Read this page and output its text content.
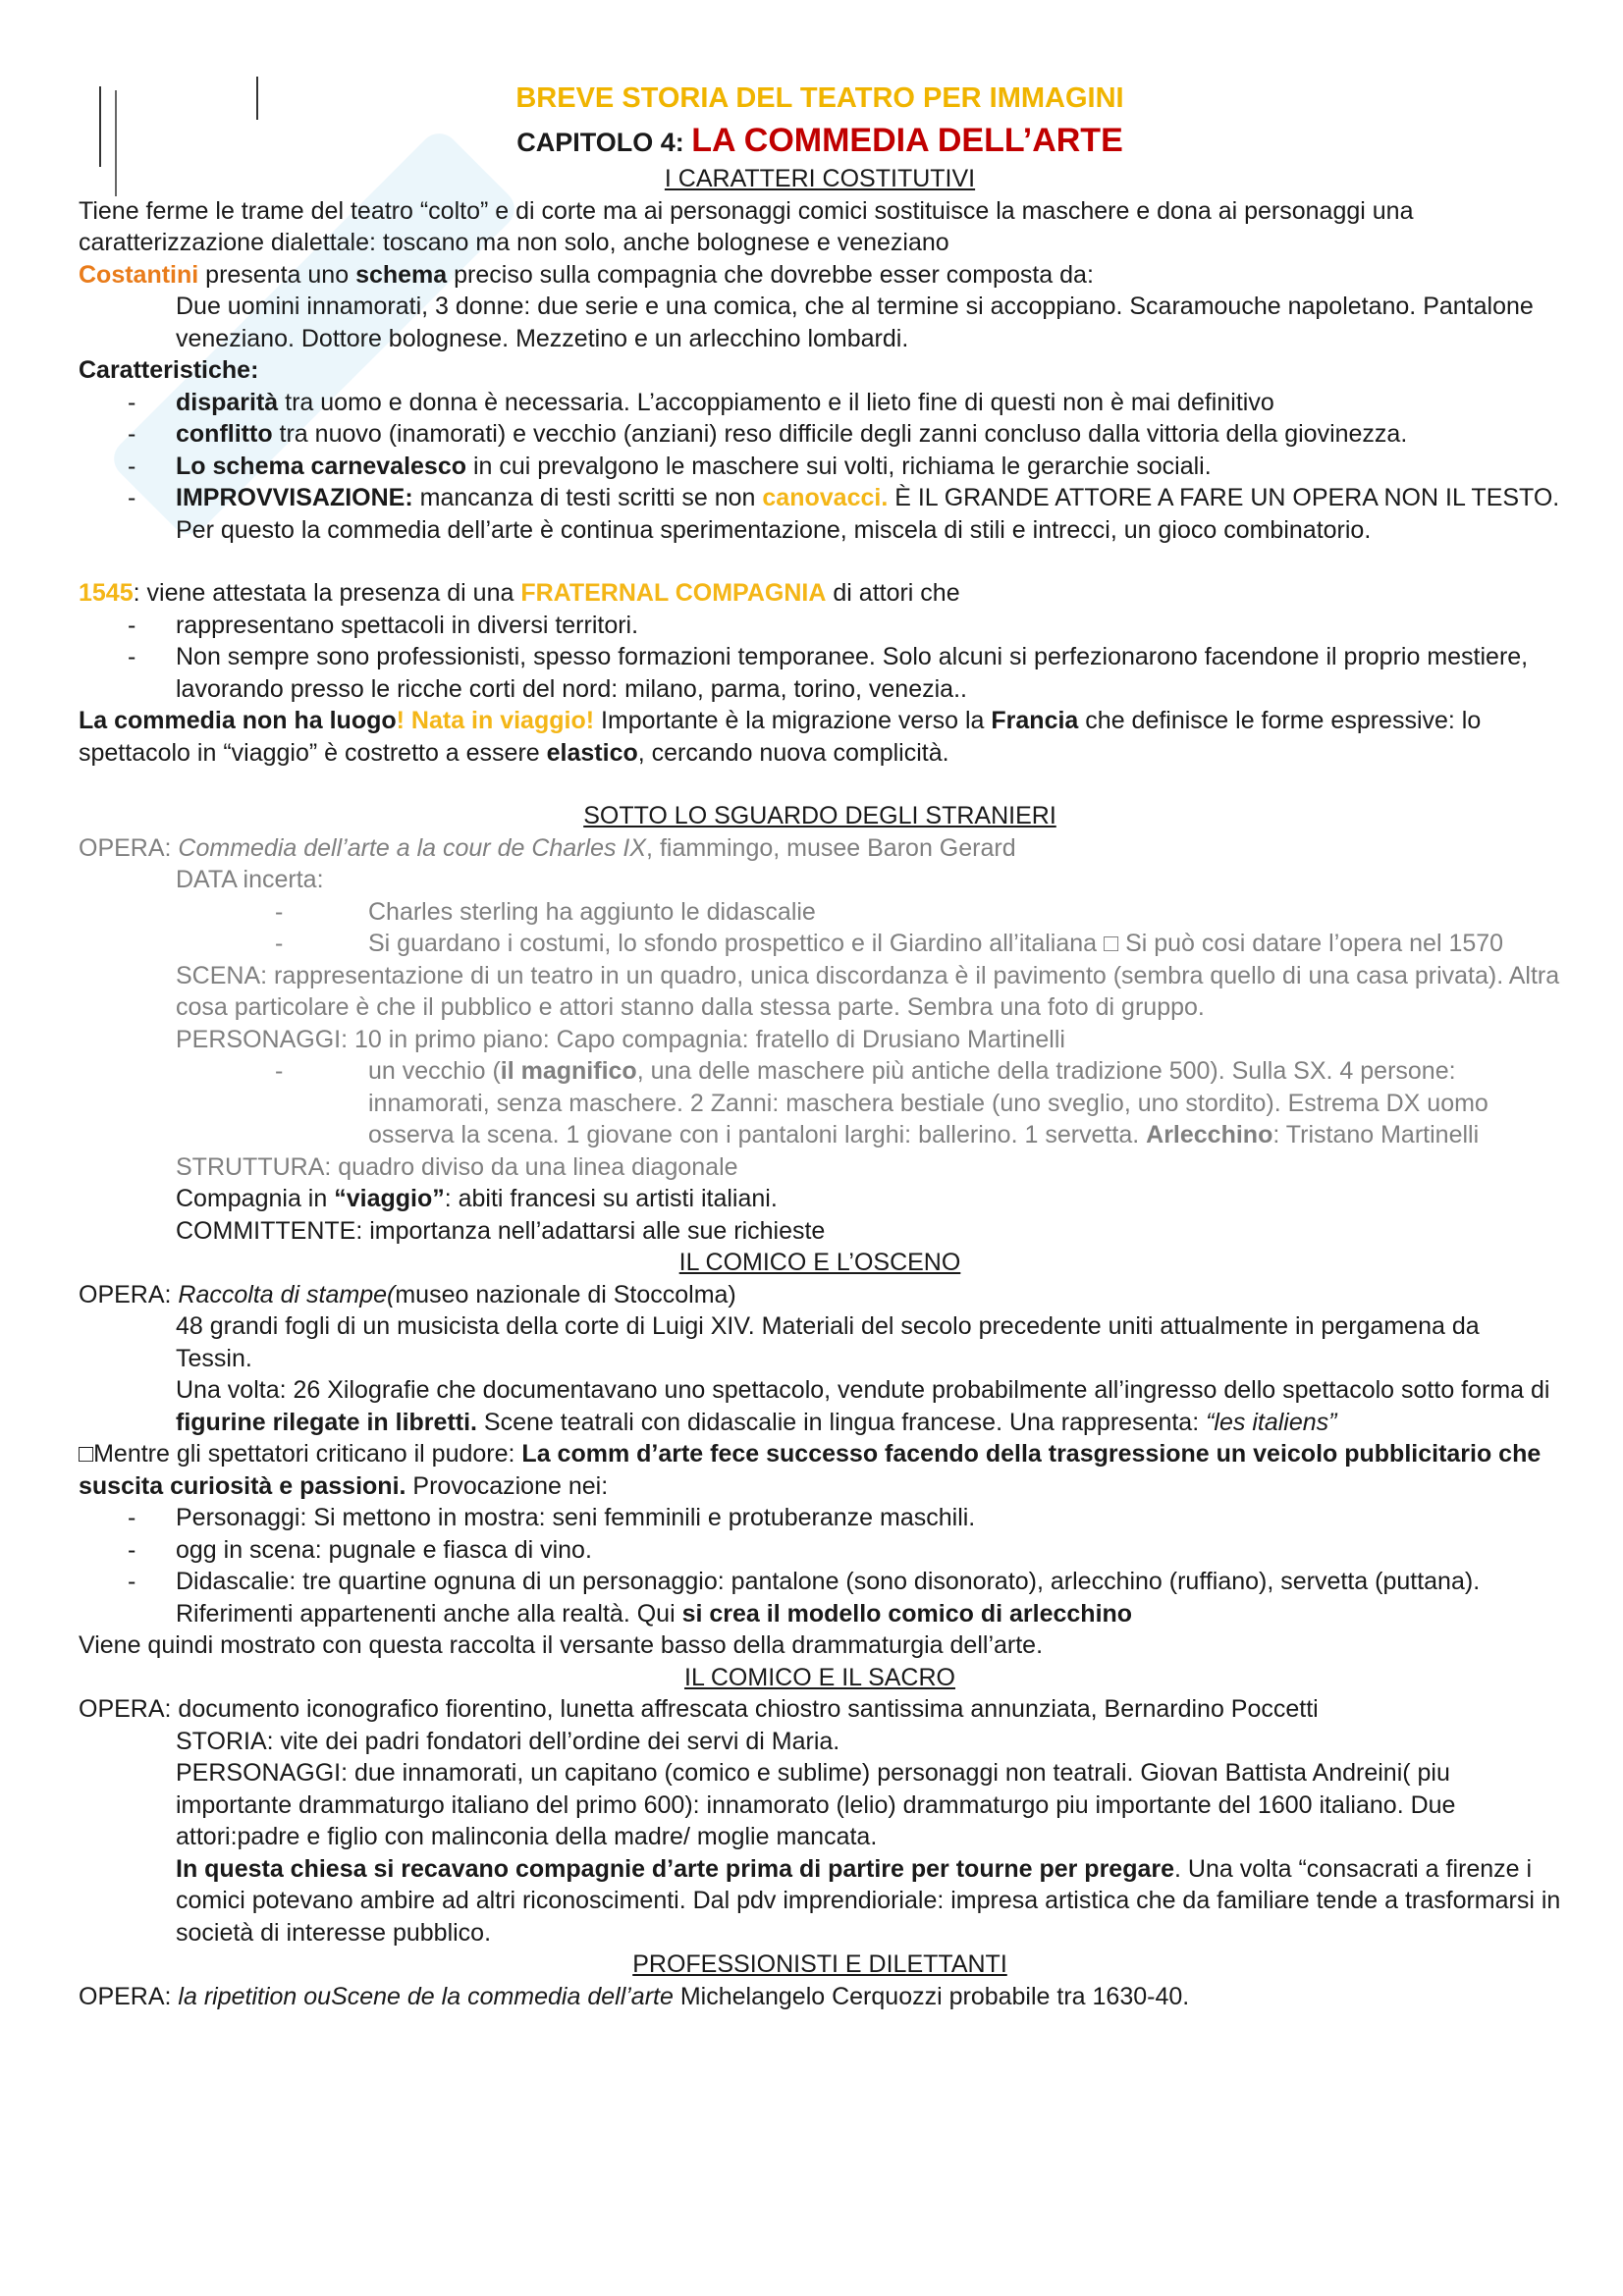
BREVE STORIA DEL TEATRO PER IMMAGINI
CAPITOLO 4: LA COMMEDIA DELL’ARTE
I CARATTERI COSTITUTIVI
Tiene ferme le trame del teatro “colto” e di corte ma ai personaggi comici sostituisce la maschere e dona ai personaggi una caratterizzazione dialettale: toscano ma non solo, anche bolognese e veneziano
Costantini presenta uno schema preciso sulla compagnia che dovrebbe esser composta da:
Due uomini innamorati, 3 donne: due serie e una comica, che al termine si accoppiano. Scaramouche napoletano. Pantalone veneziano. Dottore bolognese. Mezzetino e un arlecchino lombardi.
Caratteristiche:
- disparità tra uomo e donna è necessaria. L’accoppiamento e il lieto fine di questi non è mai definitivo
- conflitto tra nuovo (inamorati) e vecchio (anziani) reso difficile degli zanni concluso dalla vittoria della giovinezza.
- Lo schema carnevalesco in cui prevalgono le maschere sui volti, richiama le gerarchie sociali.
- IMPROVVISAZIONE: mancanza di testi scritti se non canovacci. È IL GRANDE ATTORE A FARE UN OPERA NON IL TESTO.
Per questo la commedia dell’arte è continua sperimentazione, miscela di stili e intrecci, un gioco combinatorio.
1545: viene attestata la presenza di una FRATERNAL COMPAGNIA di attori che
- rappresentano spettacoli in diversi territori.
- Non sempre sono professionisti, spesso formazioni temporanee. Solo alcuni si perfezionarono facendone il proprio mestiere, lavorando presso le ricche corti del nord: milano, parma, torino, venezia..
La commedia non ha luogo! Nata in viaggio! Importante è la migrazione verso la Francia che definisce le forme espressive: lo spettacolo in “viaggio” è costretto a essere elastico, cercando nuova complicità.
SOTTO LO SGUARDO DEGLI STRANIERI
OPERA: Commedia dell’arte a la cour de Charles IX, fiammingo, musee Baron Gerard
DATA incerta:
- Charles sterling ha aggiunto le didascalie
- Si guardano i costumi, lo sfondo prospettico e il Giardino all’italiana □ Si può cosi datare l’opera nel 1570
SCENA: rappresentazione di un teatro in un quadro, unica discordanza è il pavimento (sembra quello di una casa privata). Altra cosa particolare è che il pubblico e attori stanno dalla stessa parte. Sembra una foto di gruppo.
PERSONAGGI: 10 in primo piano: Capo compagnia: fratello di Drusiano Martinelli
- un vecchio (il magnifico, una delle maschere più antiche della tradizione 500). Sulla SX. 4 persone: innamorati, senza maschere. 2 Zanni: maschera bestiale (uno sveglio, uno stordito). Estrema DX uomo osserva la scena. 1 giovane con i pantaloni larghi: ballerino. 1 servetta. Arlecchino: Tristano Martinelli
STRUTTURA: quadro diviso da una linea diagonale
Compagnia in “viaggio”: abiti francesi su artisti italiani.
COMMITTENTE: importanza nell’adattarsi alle sue richieste
IL COMICO E L’OSCENO
OPERA: Raccolta di stampe(museo nazionale di Stoccolma)
48 grandi fogli di un musicista della corte di Luigi XIV. Materiali del secolo precedente uniti attualmente in pergamena da Tessin.
Una volta: 26 Xilografie che documentavano uno spettacolo, vendute probabilmente all’ingresso dello spettacolo sotto forma di figurine rilegate in libretti. Scene teatrali con didascalie in lingua francese. Una rappresenta: “les italiens”
□Mentre gli spettatori criticano il pudore: La comm d’arte fece successo facendo della trasgressione un veicolo pubblicitario che suscita curiosità e passioni. Provocazione nei:
- Personaggi: Si mettono in mostra: seni femminili e protuberanze maschili.
- ogg in scena: pugnale e fiasca di vino.
- Didascalie: tre quartine ognuna di un personaggio: pantalone (sono disonorato), arlecchino (ruffiano), servetta (puttana).
Riferimenti appartenenti anche alla realtà. Qui si crea il modello comico di arlecchino
Viene quindi mostrato con questa raccolta il versante basso della drammaturgia dell’arte.
IL COMICO E IL SACRO
OPERA: documento iconografico fiorentino, lunetta affrescata chiostro santissima annunziata, Bernardino Poccetti
STORIA: vite dei padri fondatori dell’ordine dei servi di Maria.
PERSONAGGI: due innamorati, un capitano (comico e sublime) personaggi non teatrali. Giovan Battista Andreini( piu importante drammaturgo italiano del primo 600): innamorato (lelio) drammaturgo piu importante del 1600 italiano. Due attori:padre e figlio con malinconia della madre/ moglie mancata.
In questa chiesa si recavano compagnie d’arte prima di partire per tourne per pregare. Una volta “consacrati a firenze i comici potevano ambire ad altri riconoscimenti. Dal pdv imprendioriale: impresa artistica che da familiare tende a trasformarsi in società di interesse pubblico.
PROFESSIONISTI E DILETTANTI
OPERA: la ripetition ouScene de la commedia dell’arte Michelangelo Cerquozzi probabile tra 1630-40.
